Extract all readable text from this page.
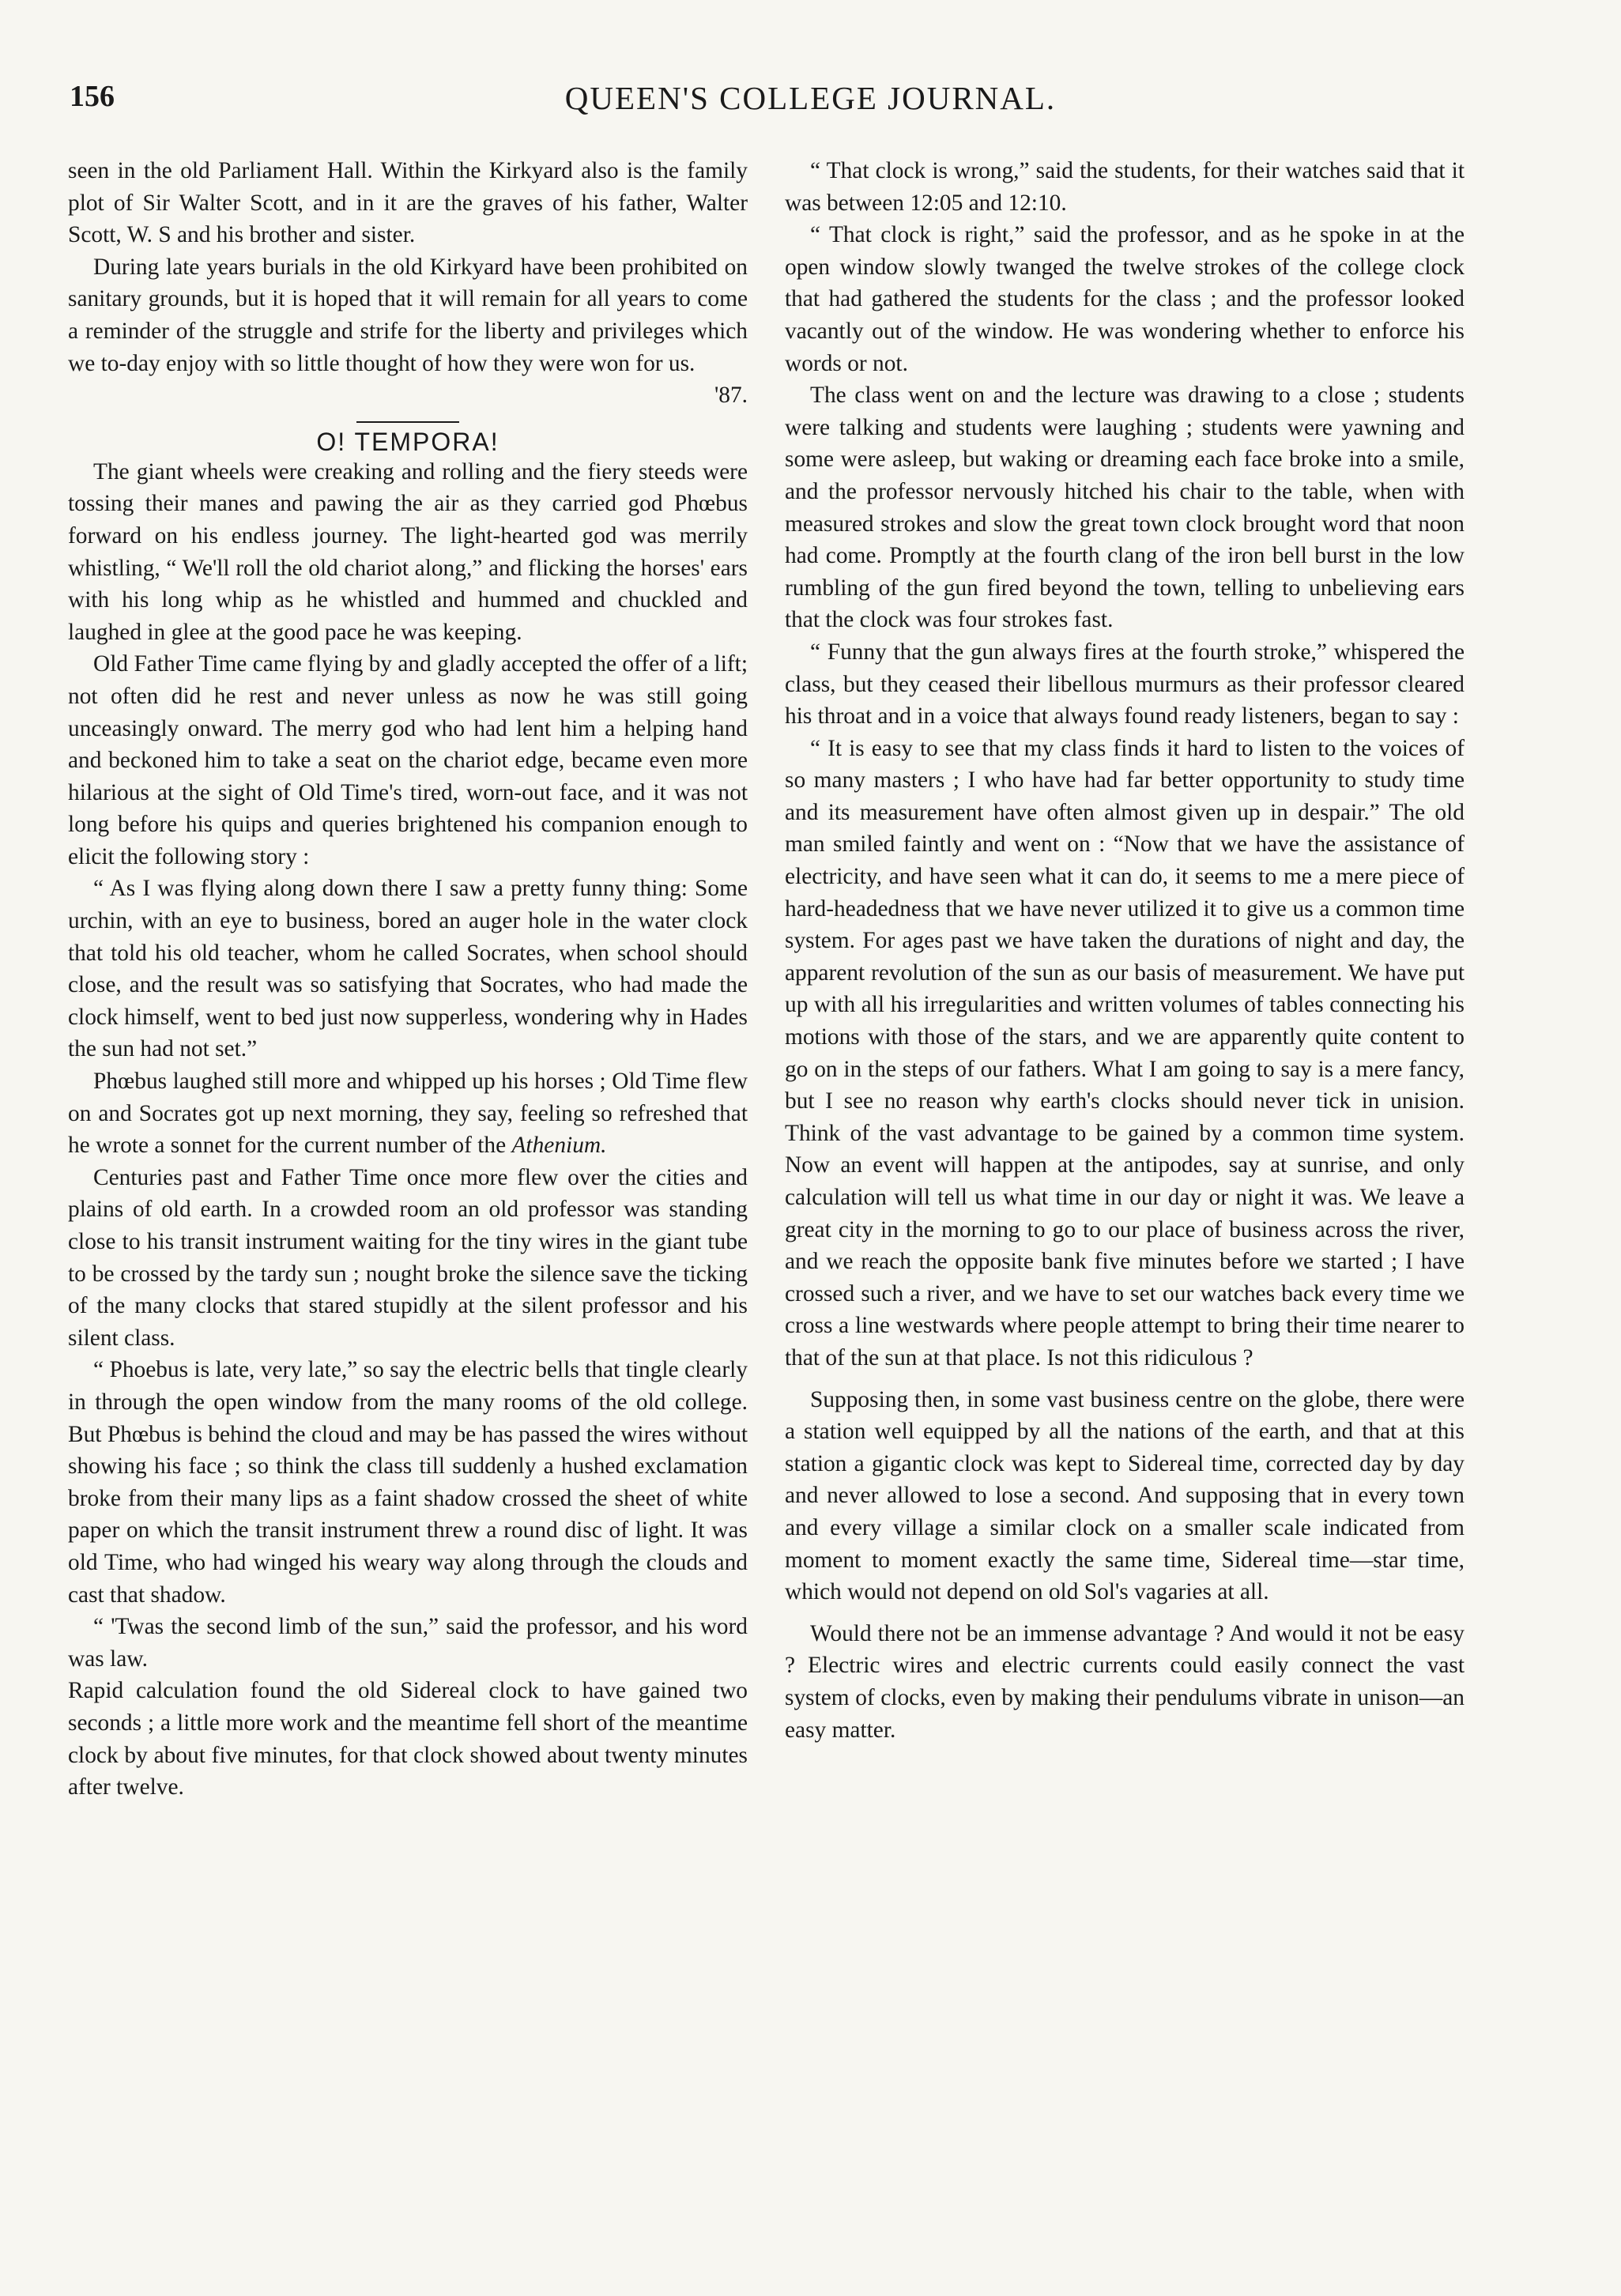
156	QUEEN'S COLLEGE JOURNAL.

seen in the old Parliament Hall. Within the Kirkyard also is the family plot of Sir Walter Scott, and in it are the graves of his father, Walter Scott, W. S and his brother and sister.

During late years burials in the old Kirkyard have been prohibited on sanitary grounds, but it is hoped that it will remain for all years to come a reminder of the struggle and strife for the liberty and privileges which we to-day enjoy with so little thought of how they were won for us.

'87.

O! TEMPORA!

The giant wheels were creaking and rolling and the fiery steeds were tossing their manes and pawing the air as they carried god Phœbus forward on his endless journey. The light-hearted god was merrily whistling, “ We'll roll the old chariot along,” and flicking the horses' ears with his long whip as he whistled and hummed and chuckled and laughed in glee at the good pace he was keeping.

Old Father Time came flying by and gladly accepted the offer of a lift; not often did he rest and never unless as now he was still going unceasingly onward. The merry god who had lent him a helping hand and beckoned him to take a seat on the chariot edge, became even more hilarious at the sight of Old Time's tired, worn-out face, and it was not long before his quips and queries brightened his companion enough to elicit the following story :

“ As I was flying along down there I saw a pretty funny thing: Some urchin, with an eye to business, bored an auger hole in the water clock that told his old teacher, whom he called Socrates, when school should close, and the result was so satisfying that Socrates, who had made the clock himself, went to bed just now supperless, wondering why in Hades the sun had not set.”

Phœbus laughed still more and whipped up his horses ; Old Time flew on and Socrates got up next morning, they say, feeling so refreshed that he wrote a sonnet for the current number of the Athenium.

Centuries past and Father Time once more flew over the cities and plains of old earth. In a crowded room an old professor was standing close to his transit instrument waiting for the tiny wires in the giant tube to be crossed by the tardy sun ; nought broke the silence save the ticking of the many clocks that stared stupidly at the silent professor and his silent class.

“ Phoebus is late, very late,” so say the electric bells that tingle clearly in through the open window from the many rooms of the old college. But Phœbus is behind the cloud and may be has passed the wires without showing his face ; so think the class till suddenly a hushed exclamation broke from their many lips as a faint shadow crossed the sheet of white paper on which the transit instrument threw a round disc of light. It was old Time, who had winged his weary way along through the clouds and cast that shadow.

“ 'Twas the second limb of the sun,” said the professor, and his word was law.

Rapid calculation found the old Sidereal clock to have gained two seconds ; a little more work and the meantime fell short of the meantime clock by about five minutes, for that clock showed about twenty minutes after twelve.

“ That clock is wrong,” said the students, for their watches said that it was between 12:05 and 12:10.

“ That clock is right,” said the professor, and as he spoke in at the open window slowly twanged the twelve strokes of the college clock that had gathered the students for the class ; and the professor looked vacantly out of the window. He was wondering whether to enforce his words or not.

The class went on and the lecture was drawing to a close ; students were talking and students were laughing ; students were yawning and some were asleep, but waking or dreaming each face broke into a smile, and the professor nervously hitched his chair to the table, when with measured strokes and slow the great town clock brought word that noon had come. Promptly at the fourth clang of the iron bell burst in the low rumbling of the gun fired beyond the town, telling to unbelieving ears that the clock was four strokes fast.

“ Funny that the gun always fires at the fourth stroke,” whispered the class, but they ceased their libellous murmurs as their professor cleared his throat and in a voice that always found ready listeners, began to say :

“ It is easy to see that my class finds it hard to listen to the voices of so many masters ; I who have had far better opportunity to study time and its measurement have often almost given up in despair.” The old man smiled faintly and went on : “Now that we have the assistance of electricity, and have seen what it can do, it seems to me a mere piece of hard-headedness that we have never utilized it to give us a common time system. For ages past we have taken the durations of night and day, the apparent revolution of the sun as our basis of measurement. We have put up with all his irregularities and written volumes of tables connecting his motions with those of the stars, and we are apparently quite content to go on in the steps of our fathers. What I am going to say is a mere fancy, but I see no reason why earth's clocks should never tick in unision. Think of the vast advantage to be gained by a common time system. Now an event will happen at the antipodes, say at sunrise, and only calculation will tell us what time in our day or night it was. We leave a great city in the morning to go to our place of business across the river, and we reach the opposite bank five minutes before we started ; I have crossed such a river, and we have to set our watches back every time we cross a line westwards where people attempt to bring their time nearer to that of the sun at that place. Is not this ridiculous ?

Supposing then, in some vast business centre on the globe, there were a station well equipped by all the nations of the earth, and that at this station a gigantic clock was kept to Sidereal time, corrected day by day and never allowed to lose a second. And supposing that in every town and every village a similar clock on a smaller scale indicated from moment to moment exactly the same time, Sidereal time—star time, which would not depend on old Sol's vagaries at all.

Would there not be an immense advantage ? And would it not be easy ? Electric wires and electric currents could easily connect the vast system of clocks, even by making their pendulums vibrate in unison—an easy matter.
